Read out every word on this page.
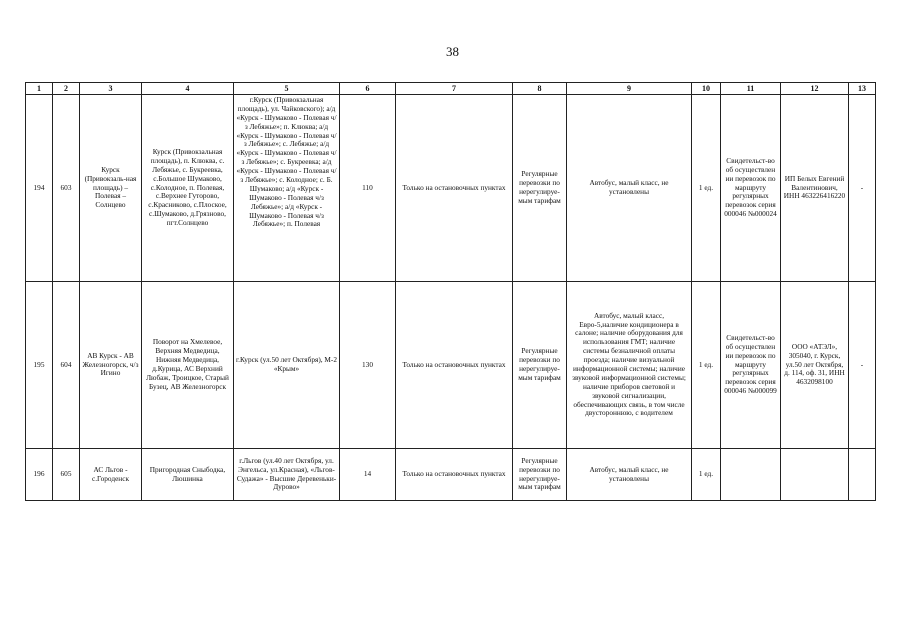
38
1	2	3	4	5	6	7	8	9	10	11	12	13
194	603	Курск (Привокзаль-ная площадь) – Полевая – Солнцево	Курск (Привокзальная площадь), п. Клюква, с. Лебяжье, с. Букреевка, с.Большое Шумаково, с.Колодное, п. Полевая, с.Верхнее Гуторово, с.Красниково, с.Плоское, с.Шумаково, д.Грязново, пгт.Солнцево	г.Курск (Привокзальная площадь), ул. Чайковского); а/д «Курск - Шумаково - Полевая ч/з Лебяжье»; п. Клюква; а/д «Курск - Шумаково - Полевая ч/з Лебяжье»; с. Лебяжье; а/д «Курск - Шумаково - Полевая ч/з Лебяжье»; с. Букреевка; а/д «Курск - Шумаково - Полевая ч/з Лебяжье»; с. Колодное; с. Б. Шумаково; а/д «Курск - Шумаково - Полевая ч/з Лебяжье»; а/д «Курск - Шумаково - Полевая ч/з Лебяжье»; п. Полевая	110	Только на остановочных пунктах	Регулярные перевозки по нерегулируе-мым тарифам	Автобус, малый класс, не установлены	1 ед.	Свидетельст-во об осуществлен ии перевозок по маршруту регулярных перевозок серия 000046 №000024	ИП Белых Евгений Валентинович, ИНН 463226416220	-
195	604	АВ Курск - АВ Железногорск, ч/з Игино	Поворот на Хмелевое, Верхняя Медведица, Нижняя Медведица, д.Курица, АС Верхний Любаж, Троицкое, Старый Бузец, АВ Железногорск	г.Курск (ул.50 лет Октября), М-2 «Крым»	130	Только на остановочных пунктах	Регулярные перевозки по нерегулируе-мым тарифам	Автобус, малый класс, Евро-5,наличие кондиционера в салоне; наличие оборудования для использования ГМТ; наличие системы безналичной оплаты проезда; наличие визуальной информационной системы; наличие звуковой информационной системы; наличие приборов световой и звуковой сигнализации, обеспечивающих связь, в том числе двустороннюю, с водителем	1 ед.	Свидетельст-во об осуществлен ии перевозок по маршруту регулярных перевозок серия 000046 №000099	ООО «АТЭЛ», 305040, г. Курск, ул.50 лет Октября, д. 114, оф. 31, ИНН 4632098100	-
196	605	АС Льгов - с.Городенск	Пригородная Сныбодка, Люшинка	г.Льгов (ул.40 лет Октября, ул. Энгельса, ул.Красная), «Льгов-Судажа» - Высшие Деревеньки-Дурово»	14	Только на остановочных пунктах	Регулярные перевозки по нерегулируе-мым тарифам	Автобус, малый класс, не установлены	1 ед.			
